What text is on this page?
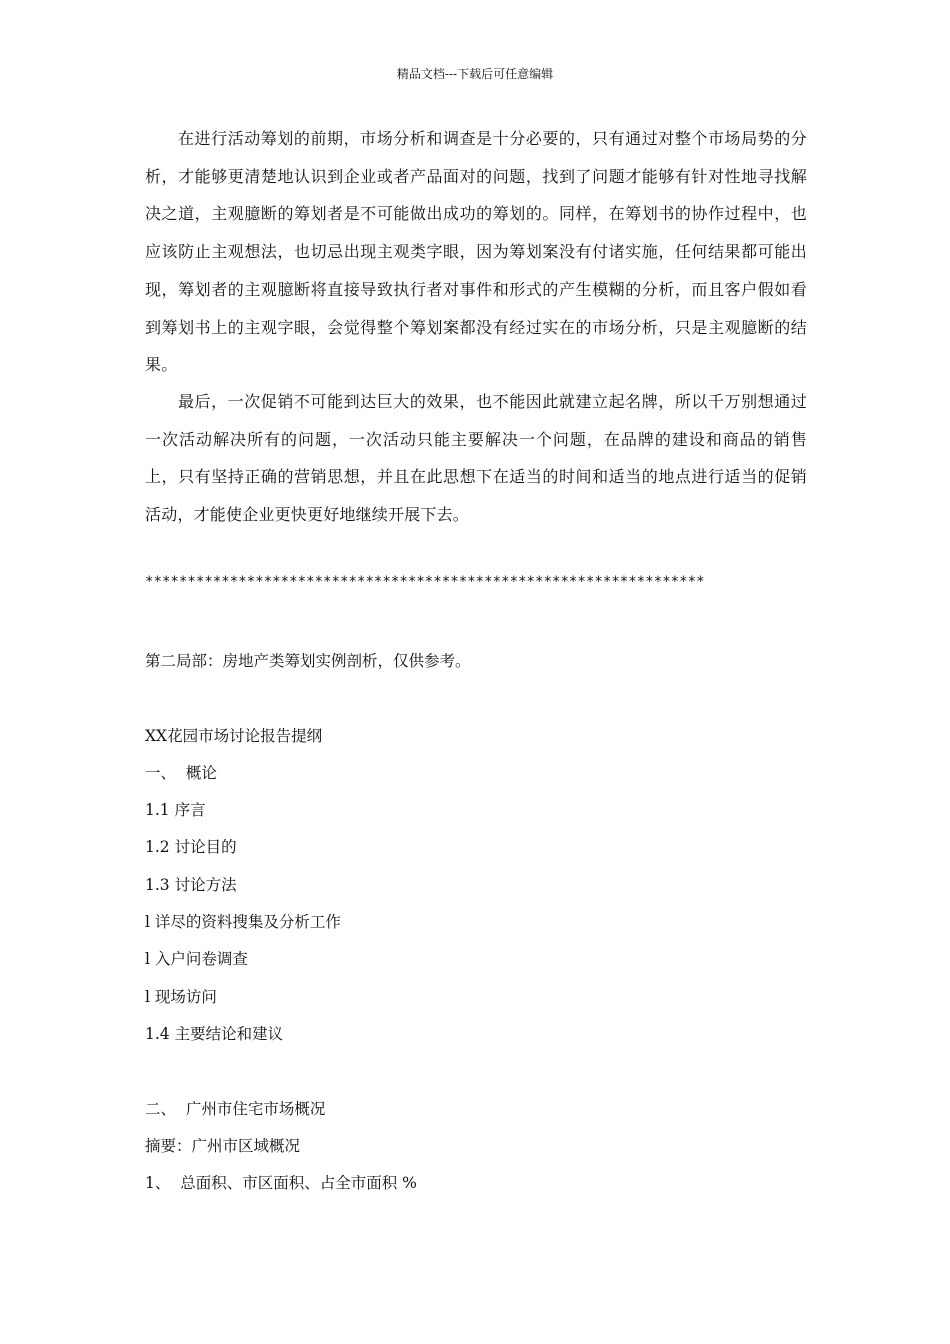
精品文档---下载后可任意编辑

在进行活动筹划的前期，市场分析和调查是十分必要的，只有通过对整个市场局势的分析，才能够更清楚地认识到企业或者产品面对的问题，找到了问题才能够有针对性地寻找解决之道，主观臆断的筹划者是不可能做出成功的筹划的。同样，在筹划书的协作过程中，也应该防止主观想法，也切忌出现主观类字眼，因为筹划案没有付诸实施，任何结果都可能出现，筹划者的主观臆断将直接导致执行者对事件和形式的产生模糊的分析，而且客户假如看到筹划书上的主观字眼，会觉得整个筹划案都没有经过实在的市场分析，只是主观臆断的结果。

最后，一次促销不可能到达巨大的效果，也不能因此就建立起名牌，所以千万别想通过一次活动解决所有的问题，一次活动只能主要解决一个问题，在品牌的建设和商品的销售上，只有坚持正确的营销思想，并且在此思想下在适当的时间和适当的地点进行适当的促销活动，才能使企业更快更好地继续开展下去。

******************************************************************
第二局部：房地产类筹划实例剖析，仅供参考。
XX花园市场讨论报告提纲
一、  概论
1.1 序言
1.2 讨论目的
1.3 讨论方法
l 详尽的资料搜集及分析工作
l 入户问卷调查
l 现场访问
1.4 主要结论和建议
二、  广州市住宅市场概况
摘要：广州市区域概况
1、  总面积、市区面积、占全市面积 %
